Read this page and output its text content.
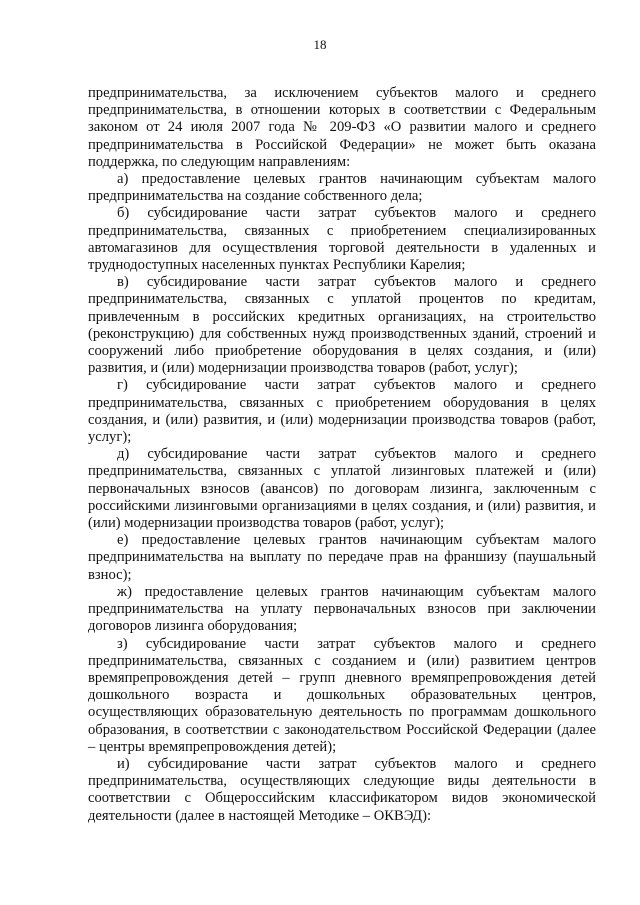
18

предпринимательства, за исключением субъектов малого и среднего предпринимательства, в отношении которых в соответствии с Федеральным законом от 24 июля 2007 года № 209-ФЗ «О развитии малого и среднего предпринимательства в Российской Федерации» не может быть оказана поддержка, по следующим направлениям:

а) предоставление целевых грантов начинающим субъектам малого предпринимательства на создание собственного дела;

б) субсидирование части затрат субъектов малого и среднего предпринимательства, связанных с приобретением специализированных автомагазинов для осуществления торговой деятельности в удаленных и труднодоступных населенных пунктах Республики Карелия;

в) субсидирование части затрат субъектов малого и среднего предпринимательства, связанных с уплатой процентов по кредитам, привлеченным в российских кредитных организациях, на строительство (реконструкцию) для собственных нужд производственных зданий, строений и сооружений либо приобретение оборудования в целях создания, и (или) развития, и (или) модернизации производства товаров (работ, услуг);

г) субсидирование части затрат субъектов малого и среднего предпринимательства, связанных с приобретением оборудования в целях создания, и (или) развития, и (или) модернизации производства товаров (работ, услуг);

д) субсидирование части затрат субъектов малого и среднего предпринимательства, связанных с уплатой лизинговых платежей и (или) первоначальных взносов (авансов) по договорам лизинга, заключенным с российскими лизинговыми организациями в целях создания, и (или) развития, и (или) модернизации производства товаров (работ, услуг);

е) предоставление целевых грантов начинающим субъектам малого предпринимательства на выплату по передаче прав на франшизу (паушальный взнос);

ж) предоставление целевых грантов начинающим субъектам малого предпринимательства на уплату первоначальных взносов при заключении договоров лизинга оборудования;

з) субсидирование части затрат субъектов малого и среднего предпринимательства, связанных с созданием и (или) развитием центров времяпрепровождения детей – групп дневного времяпрепровождения детей дошкольного возраста и дошкольных образовательных центров, осуществляющих образовательную деятельность по программам дошкольного образования, в соответствии с законодательством Российской Федерации (далее – центры времяпрепровождения детей);

и) субсидирование части затрат субъектов малого и среднего предпринимательства, осуществляющих следующие виды деятельности в соответствии с Общероссийским классификатором видов экономической деятельности (далее в настоящей Методике – ОКВЭД):
